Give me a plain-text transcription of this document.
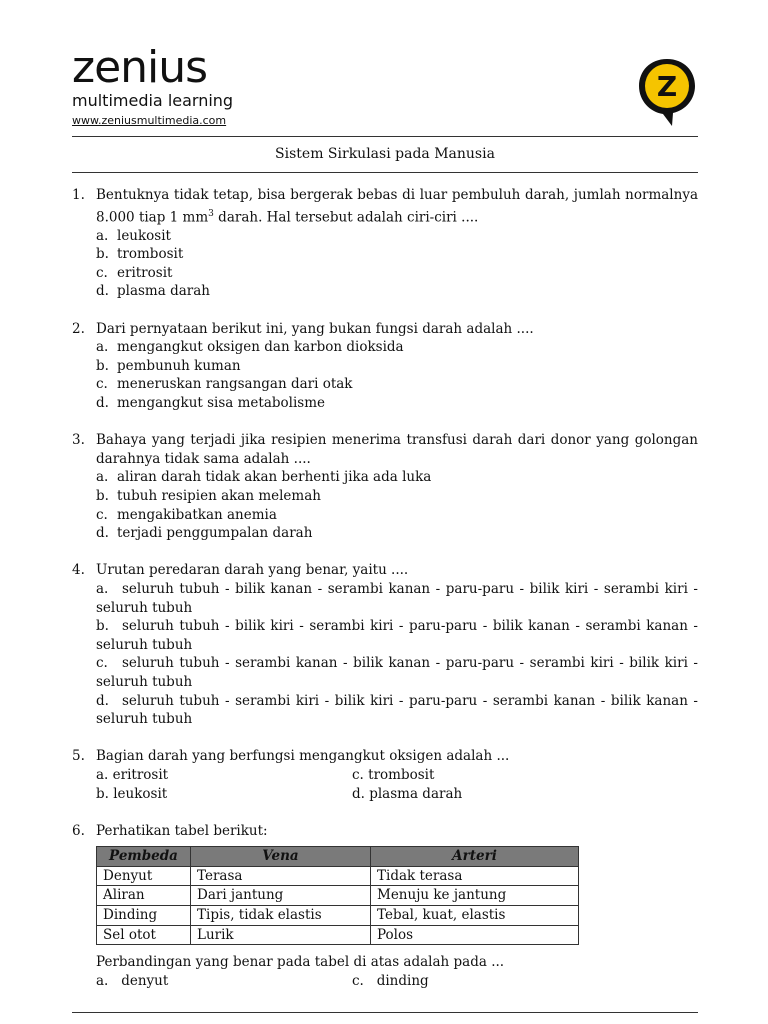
zenius
multimedia learning
www.zeniusmultimedia.com
Z
Sistem Sirkulasi pada Manusia
1. Bentuknya tidak tetap, bisa bergerak bebas di luar pembuluh darah, jumlah normalnya 8.000 tiap 1 $mm^3$ darah. Hal tersebut adalah ciri-ciri ....
a. leukosit
b. trombosit
c. eritrosit
d. plasma darah
2. Dari pernyataan berikut ini, yang bukan fungsi darah adalah ....
a. mengangkut oksigen dan karbon dioksida
b. pembunuh kuman
c. meneruskan rangsangan dari otak
d. mengangkut sisa metabolisme
3. Bahaya yang terjadi jika resipien menerima transfusi darah dari donor yang golongan darahnya tidak sama adalah ....
a. aliran darah tidak akan berhenti jika ada luka
b. tubuh resipien akan melemah
c. mengakibatkan anemia
d. terjadi penggumpalan darah
4. Urutan peredaran darah yang benar, yaitu ....
a. seluruh tubuh - bilik kanan - serambi kanan - paru-paru - bilik kiri - serambi kiri - seluruh tubuh
b. seluruh tubuh - bilik kiri - serambi kiri - paru-paru - bilik kanan - serambi kanan - seluruh tubuh
c. seluruh tubuh - serambi kanan - bilik kanan - paru-paru - serambi kiri - bilik kiri - seluruh tubuh
d. seluruh tubuh - serambi kiri - bilik kiri - paru-paru - serambi kanan - bilik kanan - seluruh tubuh
5. Bagian darah yang berfungsi mengangkut oksigen adalah ...
a. eritrosit	c. trombosit
b. leukosit	d. plasma darah
6. Perhatikan tabel berikut:
Pembeda	Vena	Arteri
Denyut	Terasa	Tidak terasa
Aliran	Dari jantung	Menuju ke jantung
Dinding	Tipis, tidak elastis	Tebal, kuat, elastis
Sel otot	Lurik	Polos
Perbandingan yang benar pada tabel di atas adalah pada ...
a.   denyut	c.   dinding
